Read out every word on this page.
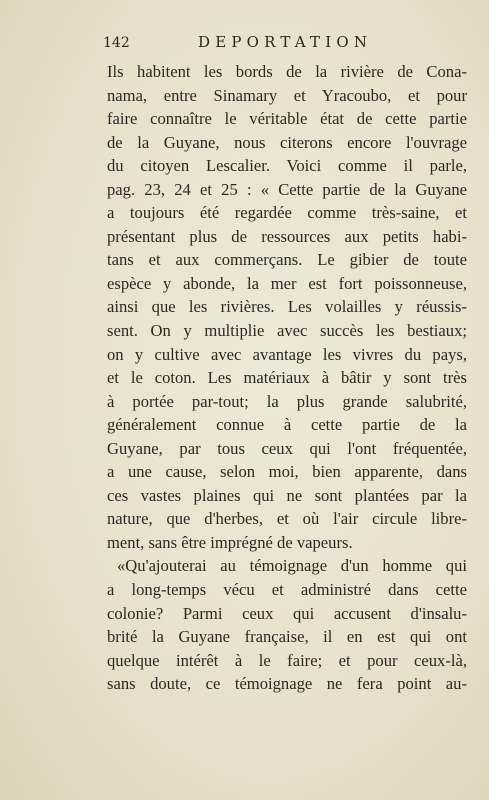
142	DEPORTATION
Ils habitent les bords de la rivière de Cona-
nama, entre Sinamary et Yracoubo, et pour
faire connaître le véritable état de cette partie
de la Guyane, nous citerons encore l'ouvrage
du citoyen Lescalier. Voici comme il parle,
pag. 23, 24 et 25 : « Cette partie de la Guyane
a toujours été regardée comme très-saine, et
présentant plus de ressources aux petits habi-
tans et aux commerçans. Le gibier de toute
espèce y abonde, la mer est fort poissonneuse,
ainsi que les rivières. Les volailles y réussis-
sent. On y multiplie avec succès les bestiaux;
on y cultive avec avantage les vivres du pays,
et le coton. Les matériaux à bâtir y sont très
à portée par-tout; la plus grande salubrité,
généralement connue à cette partie de la
Guyane, par tous ceux qui l'ont fréquentée,
a une cause, selon moi, bien apparente, dans
ces vastes plaines qui ne sont plantées par la
nature, que d'herbes, et où l'air circule libre-
ment, sans être imprégné de vapeurs.
«Qu'ajouterai au témoignage d'un homme qui
a long-temps vécu et administré dans cette
colonie? Parmi ceux qui accusent d'insalu-
brité la Guyane française, il en est qui ont
quelque intérêt à le faire; et pour ceux-là,
sans doute, ce témoignage ne fera point au-
